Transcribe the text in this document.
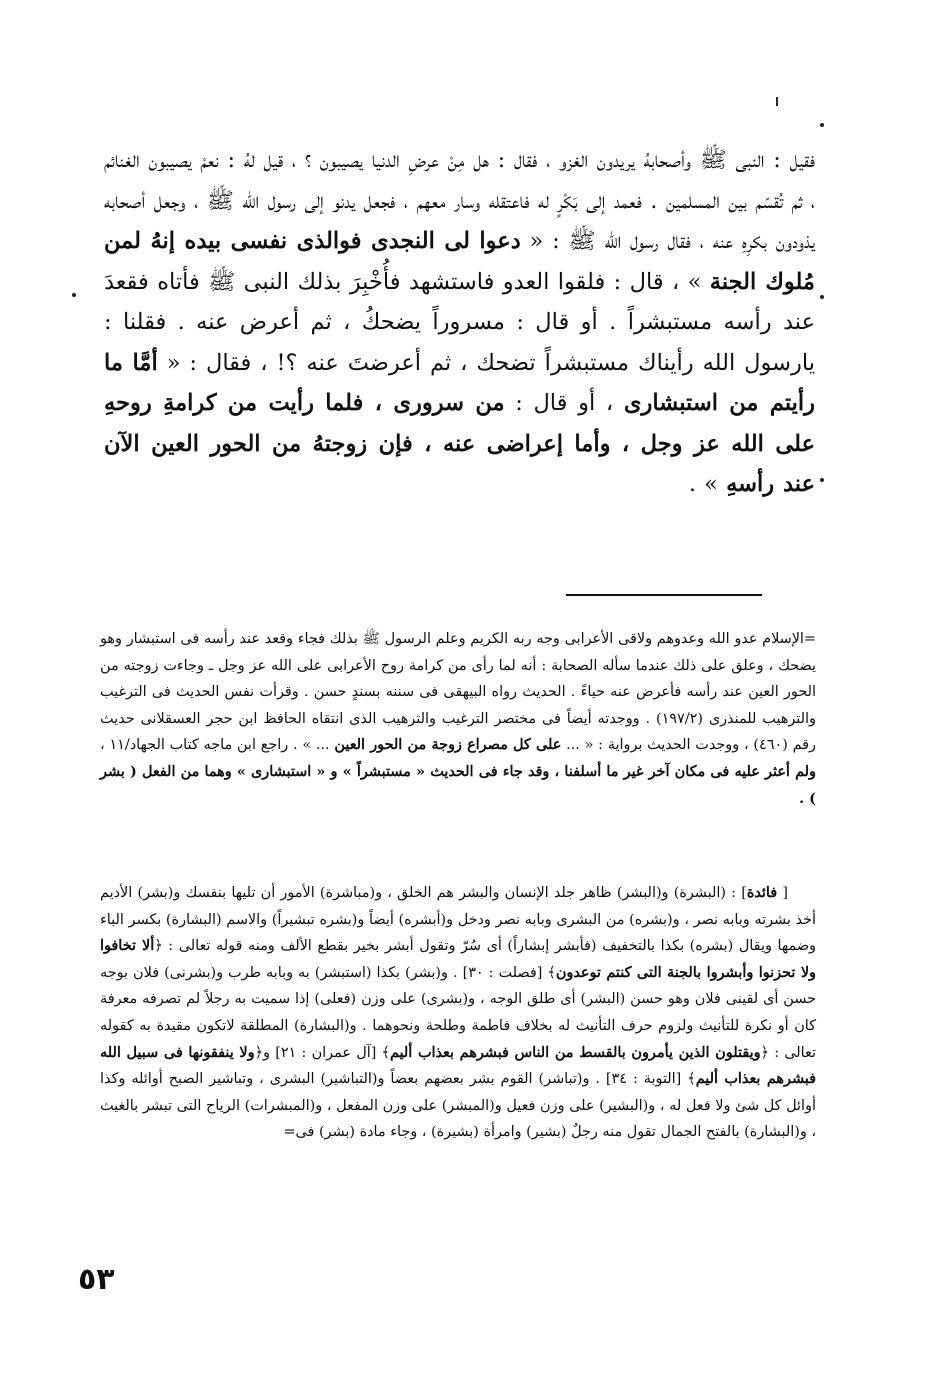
فقيل : النبى ﷺ وأصحابهُ يريدون الغزو ، فقال : هل مِنْ عرضِ الدنيا يصيبون ؟ ، قيل لهُ : نعمْ يصيبون الغنائم ، ثم تُقسّم بين المسلمين . فعمد إلى بَكْرٍ له فاعتقله وسار معهم ، فجعل يدنو إلى رسول الله ﷺ ، وجعل أصحابه يذودون بكرِهِ عنه ، فقال رسول الله ﷺ : « دعوا لى النجدى فوالذى نفسى بيده إنهُ لمن مُلوك الجنة » ، قال : فلقوا العدو فاستشهد فأُخْبِرَ بذلك النبى ﷺ فأتاه فقعدَ عند رأسه مستبشراً . أو قال : مسروراً يضحكُ ، ثم أعرض عنه . فقلنا : يارسول الله رأيناك مستبشراً تضحك ، ثم أعرضتَ عنه ؟! ، فقال : « أمَّا ما رأيتم من استبشارى ، أو قال : من سرورى ، فلما رأيت من كرامةِ روحهِ على الله عز وجل ، وأما إعراضى عنه ، فإن زوجتهُ من الحور العين الآن عند رأسهِ » .
=الإسلام عدو الله وعدوهم ولاقى الأعرابى وجه ربه الكريم وعلم الرسول ﷺ بذلك فجاء وقعد عند رأسه فى استبشار وهو يضحك ، وعلق على ذلك عندما سأله الصحابة : أنه لما رأى من كرامة روح الأعرابى على الله عز وجل ـ وجاءت زوجته من الحور العين عند رأسه فأعرض عنه حياءً . الحديث رواه البيهقى فى سننه بسندٍ حسن . وقرأت نفس الحديث فى الترغيب والترهيب للمنذرى (١٩٧/٢) . ووجدته أيضاً فى مختصر الترغيب والترهيب الذى انتقاه الحافظ ابن حجر العسقلانى حديث رقم (٤٦٠) ، ووجدت الحديث برواية : « ... على كل مصراع زوجة من الحور العين ... » . راجع ابن ماجه كتاب الجهاد/١١ ، ولم أعثر عليه فى مكان آخر غير ما أسلفنا ، وقد جاء فى الحديث « مستبشراً » و « استبشارى » وهما من الفعل ( بشر ) .
[ فائدة] : (البشرة) و(البشر) ظاهر جلد الإنسان والبشر هم الخلق ، و(مباشرة) الأمور أن تليها بنفسك و(بشر) الأديم أخذ بشرته وبابه نصر ، و(بشره) من البشرى وبابه نصر ودخل و(أبشره) أيضاً و(بشره تبشيراً) والاسم (البشارة) بكسر الباء وضمها ويقال (بشره) بكذا بالتخفيف (فأبشر إبشاراً) أى سُرّ وتقول أبشر بخير بقطع الألف ومنه قوله تعالى : ﴿ألا تخافوا ولا تحزنوا وأبشروا بالجنة التى كنتم توعدون﴾ [فصلت : ٣٠] . و(بشر) بكذا (استبشر) به وبابه طرب و(بشرنى) فلان بوجه حسن أى لقينى فلان وهو حسن (البشر) أى طلق الوجه ، و(بشرى) على وزن (فعلى) إذا سميت به رجلاً لم تصرفه معرفة كان أو نكرة للتأنيث ولزوم حرف التأنيث له بخلاف فاطمة وطلحة ونحوهما . و(البشارة) المطلقة لاتكون مقيدة به كقوله تعالى : ﴿ويقتلون الذين يأمرون بالقسط من الناس فبشرهم بعذاب أليم﴾ [آل عمران : ٢١] و﴿ولا ينفقونها فى سبيل الله فبشرهم بعذاب أليم﴾ [التوبة : ٣٤] . و(تباشر) القوم بشر بعضهم بعضاً و(التباشير) البشرى ، وتباشير الصبح أوائله وكذا أوائل كل شئ ولا فعل له ، و(البشير) على وزن فعيل و(المبشر) على وزن المفعل ، و(المبشرات) الرياح التى تبشر بالغيث ، و(البشارة) بالفتح الجمال تقول منه رجلٌ (بشير) وامرأة (بشيرة) ، وجاء مادة (بشر) فى=
٥٣
